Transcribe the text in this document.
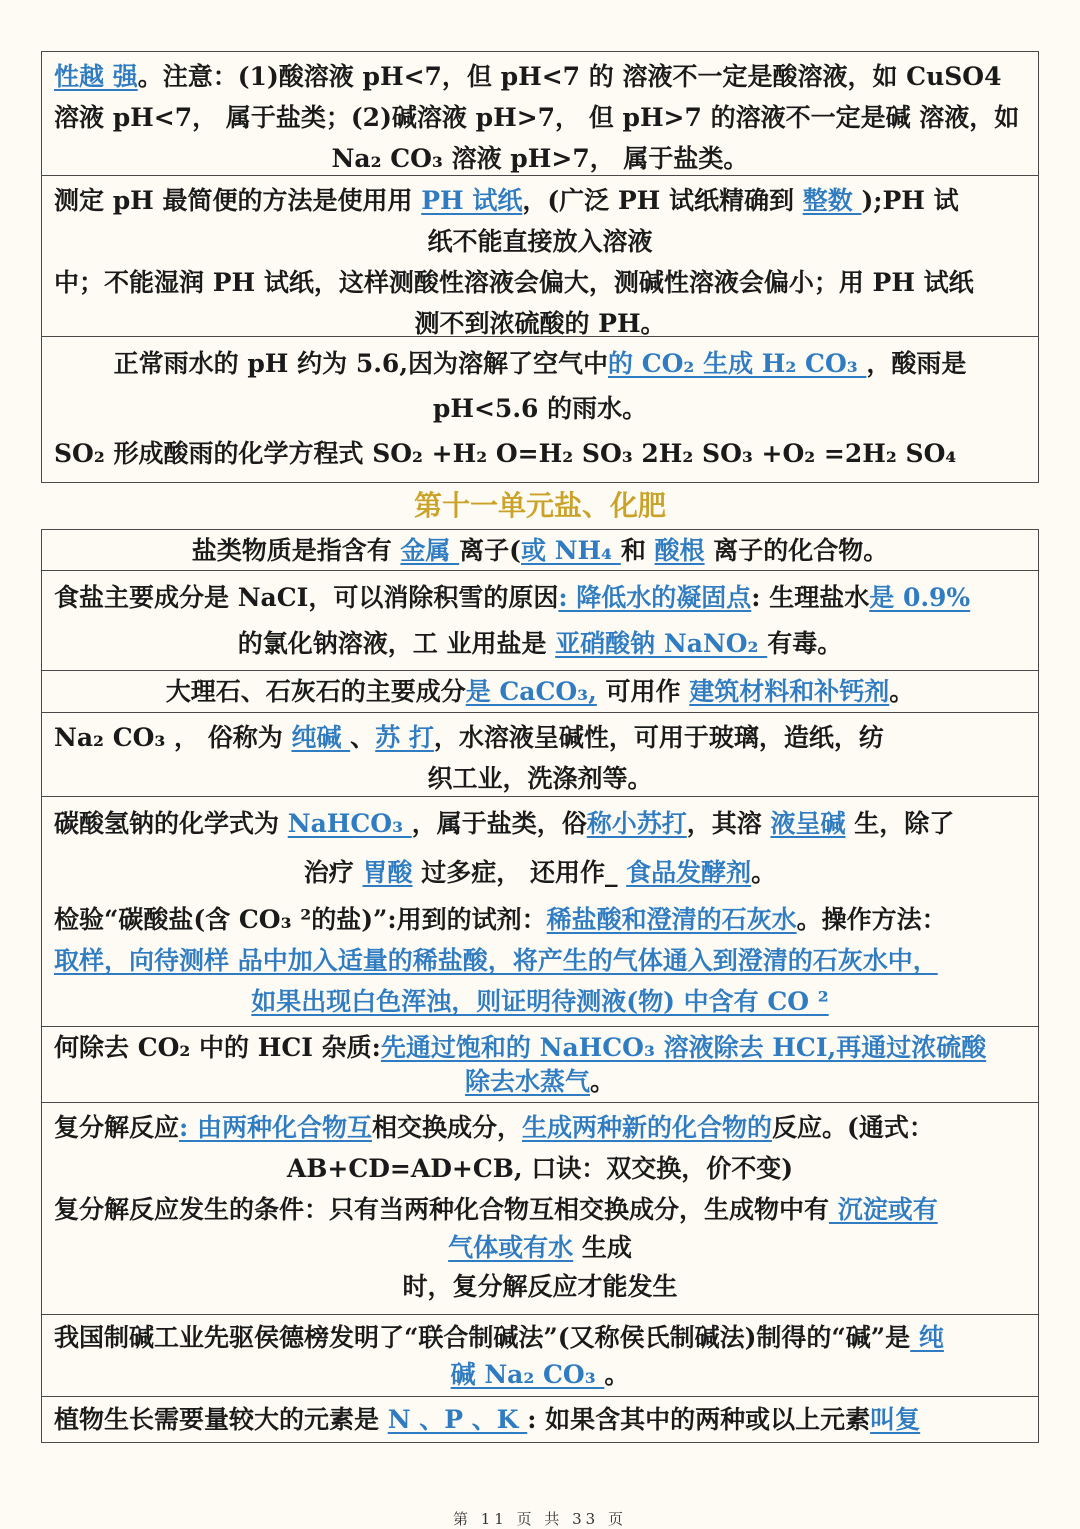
性越 强。注意：(1)酸溶液 pH<7，但 pH<7 的 溶液不一定是酸溶液，如 CuSO4
溶液 pH<7， 属于盐类；(2)碱溶液 pH>7， 但 pH>7 的溶液不一定是碱 溶液，如
Na₂ CO₃ 溶液 pH>7， 属于盐类。
测定 pH 最简便的方法是使用用 PH 试纸，(广泛 PH 试纸精确到 整数 );PH 试
纸不能直接放入溶液
中；不能湿润 PH 试纸，这样测酸性溶液会偏大，测碱性溶液会偏小；用 PH 试纸
测不到浓硫酸的 PH。
正常雨水的 pH 约为 5.6,因为溶解了空气中的 CO₂ 生成 H₂ CO₃ ，酸雨是
pH<5.6 的雨水。
SO₂ 形成酸雨的化学方程式 SO₂ +H₂ O=H₂ SO₃ 2H₂ SO₃ +O₂ =2H₂ SO₄
第十一单元盐、化肥
盐类物质是指含有 金属 离子(或 NH₄ 和 酸根 离子的化合物。
食盐主要成分是 NaCI，可以消除积雪的原因: 降低水的凝固点: 生理盐水是 0.9%
的氯化钠溶液，工 业用盐是 亚硝酸钠 NaNO₂ 有毒。
大理石、石灰石的主要成分是 CaCO₃, 可用作 建筑材料和补钙剂。
Na₂ CO₃ ， 俗称为 纯碱 、苏 打，水溶液呈碱性，可用于玻璃，造纸，纺
织工业，洗涤剂等。
碳酸氢钠的化学式为 NaHCO₃ ，属于盐类，俗称小苏打，其溶 液呈碱 生，除了
治疗 胃酸 过多症， 还用作_ 食品发酵剂。
检验“碳酸盐(含 CO₃ ²的盐)”:用到的试剂：稀盐酸和澄清的石灰水。操作方法：
取样，向待测样 品中加入适量的稀盐酸，将产生的气体通入到澄清的石灰水中，
如果出现白色浑浊，则证明待测液(物) 中含有 CO ²
何除去 CO₂ 中的 HCI 杂质:先通过饱和的 NaHCO₃ 溶液除去 HCI,再通过浓硫酸
除去水蒸气。
复分解反应: 由两种化合物互相交换成分，生成两种新的化合物的反应。(通式：
AB+CD=AD+CB, 口诀：双交换，价不变)
复分解反应发生的条件：只有当两种化合物互相交换成分，生成物中有 沉淀或有
气体或有水 生成
时，复分解反应才能发生
我国制碱工业先驱侯德榜发明了“联合制碱法”(又称侯氏制碱法)制得的“碱”是 纯
碱 Na₂ CO₃ 。
植物生长需要量较大的元素是 N 、P 、K : 如果含其中的两种或以上元素叫复
第 11 页 共 33 页
